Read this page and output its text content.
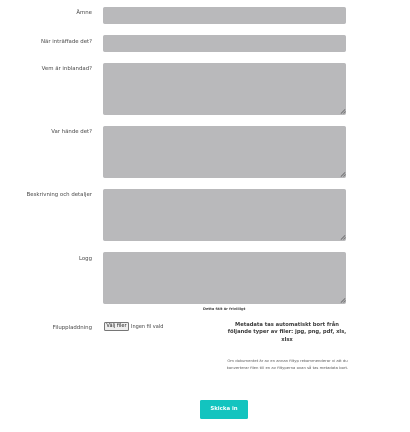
Ämne
När inträffade det?
Vem är inblandad?
Var hände det?
Beskrivning och detaljer
Logg
Detta fält är frivilligt
Filuppladdning	Välj filer Ingen fil vald	Metadata tas automatiskt bort från följande typer av filer: jpg, png, pdf, xls, xlsx
Om dokumentet är av en annan filtyp rekommenderar vi att du konverterar filen till en av filtyperna ovan så tas metadata bort.
Skicka in
